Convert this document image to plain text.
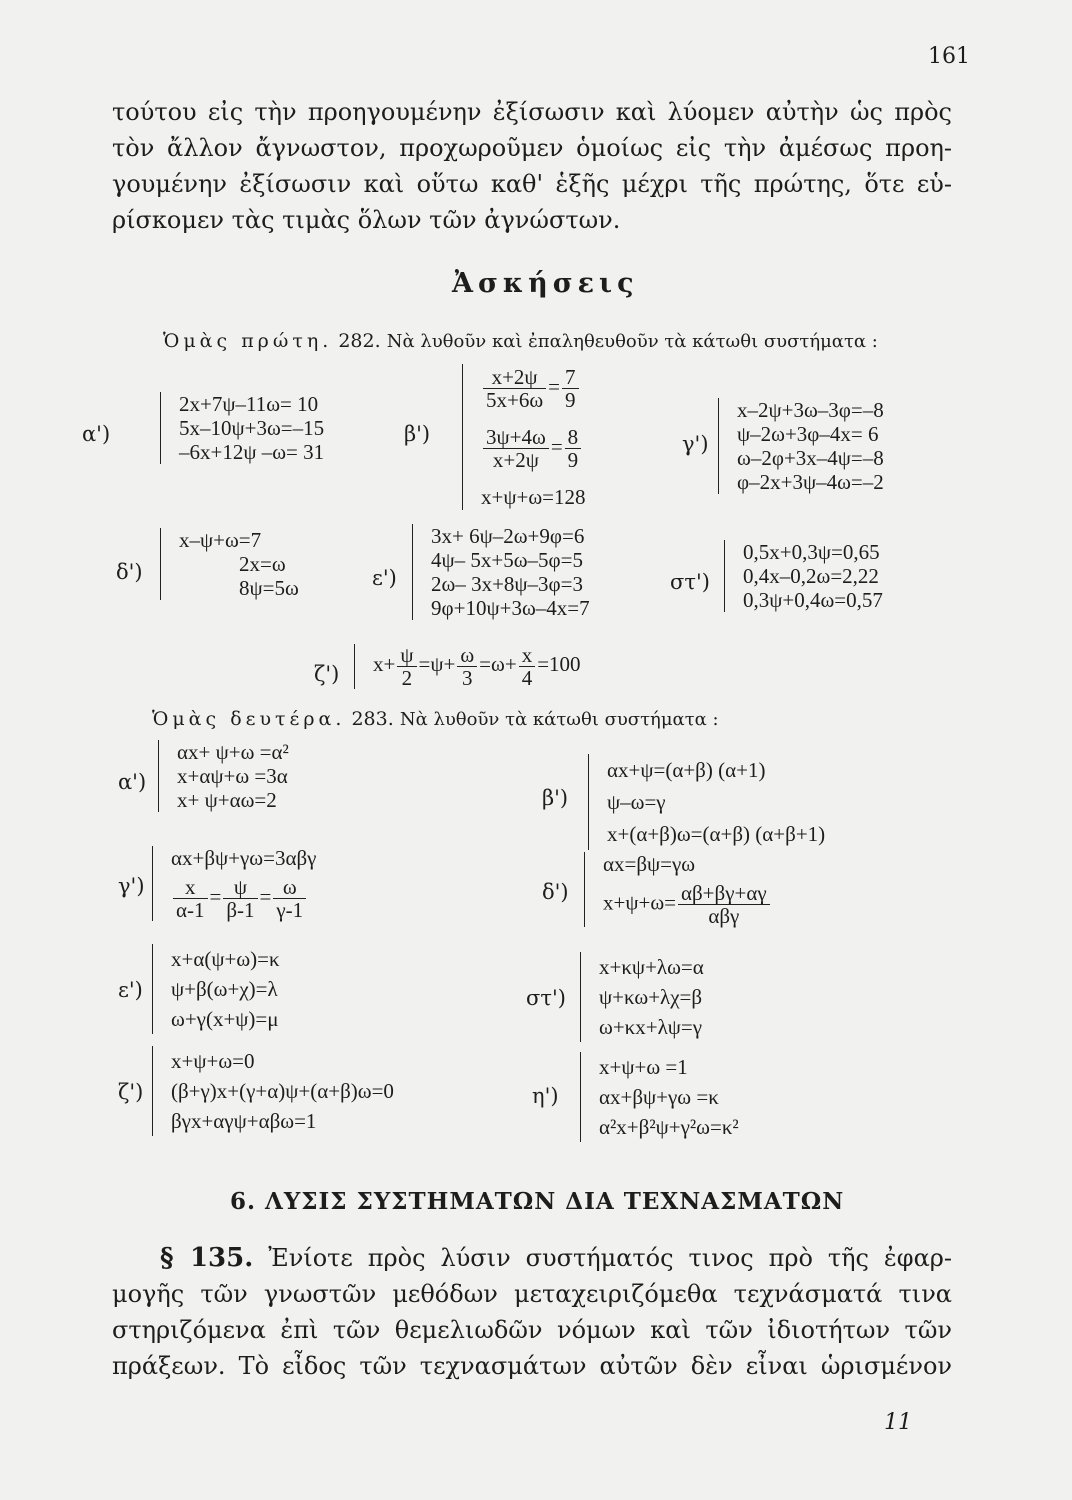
161
τούτου εἰς τὴν προηγουμένην ἐξίσωσιν καὶ λύομεν αὐτὴν ὡς πρὸς
τὸν ἄλλον ἄγνωστον, προχωροῦμεν ὁμοίως εἰς τὴν ἀμέσως προη-
γουμένην ἐξίσωσιν καὶ οὕτω καθ' ἑξῆς μέχρι τῆς πρώτης, ὅτε εὑ-
ρίσκομεν τὰς τιμὰς ὅλων τῶν ἀγνώστων.
Ἀσκήσεις
Ὁμὰς πρώτη. 282. Νὰ λυθοῦν καὶ ἐπαληθευθοῦν τὰ κάτωθι συστήματα :
α')
2x+7ψ–11ω= 10
5x–10ψ+3ω=–15
–6x+12ψ –ω= 31
β')
$\frac{x+2\psi}{5x+6\omega} = \frac{7}{9}$
$\frac{3\psi+4\omega}{x+2\psi} = \frac{8}{9}$
x+ψ+ω=128
γ')
x–2ψ+3ω–3φ=–8
ψ–2ω+3φ–4x= 6
ω–2φ+3x–4ψ=–8
φ–2x+3ψ–4ω=–2
δ')
x–ψ+ω=7
2x=ω
8ψ=5ω	ε')
3x+ 6ψ–2ω+9φ=6
4ψ– 5x+5ω–5φ=5
2ω– 3x+8ψ–3φ=3
9φ+10ψ+3ω–4x=7
στ')
0,5x+0,3ψ=0,65
0,4x–0,2ω=2,22
0,3ψ+0,4ω=0,57
ζ')	$x+ \frac{\psi}{2} =\psi+ \frac{\omega}{3} =\omega+ \frac{x}{4} =100$
Ὁμὰς δευτέρα. 283. Νὰ λυθοῦν τὰ κάτωθι συστήματα :
α')
αx+ ψ+ω =α²
x+αψ+ω =3α
x+ ψ+αω=2	β')
αx+ψ=(α+β) (α+1)
ψ–ω=γ
x+(α+β)ω=(α+β) (α+β+1)
γ')
αx+βψ+γω=3αβγ
$\frac{x}{\alpha-1} = \frac{\psi}{\beta-1} = \frac{\omega}{\gamma-1}$	δ')
αx=βψ=γω
$x+\psi+\omega= \frac{\alpha\beta+\beta\gamma+\alpha\gamma}{\text{αβγ}}$
ε')
x+α(ψ+ω)=κ
ψ+β(ω+χ)=λ
ω+γ(x+ψ)=μ
στ')
x+κψ+λω=α
ψ+κω+λχ=β
ω+κx+λψ=γ
ζ')
x+ψ+ω=0
(β+γ)x+(γ+α)ψ+(α+β)ω=0
βγx+αγψ+αβω=1
η')
x+ψ+ω =1
αx+βψ+γω =κ
α²x+β²ψ+γ²ω=κ²
6. ΛΥΣΙΣ ΣΥΣΤΗΜΑΤΩΝ ΔΙΑ ΤΕΧΝΑΣΜΑΤΩΝ
§ 135. Ἐνίοτε πρὸς λύσιν συστήματός τινος πρὸ τῆς ἐφαρ-
μογῆς τῶν γνωστῶν μεθόδων μεταχειριζόμεθα τεχνάσματά τινα
στηριζόμενα ἐπὶ τῶν θεμελιωδῶν νόμων καὶ τῶν ἰδιοτήτων τῶν
πράξεων. Τὸ εἶδος τῶν τεχνασμάτων αὐτῶν δὲν εἶναι ὡρισμένον
11
